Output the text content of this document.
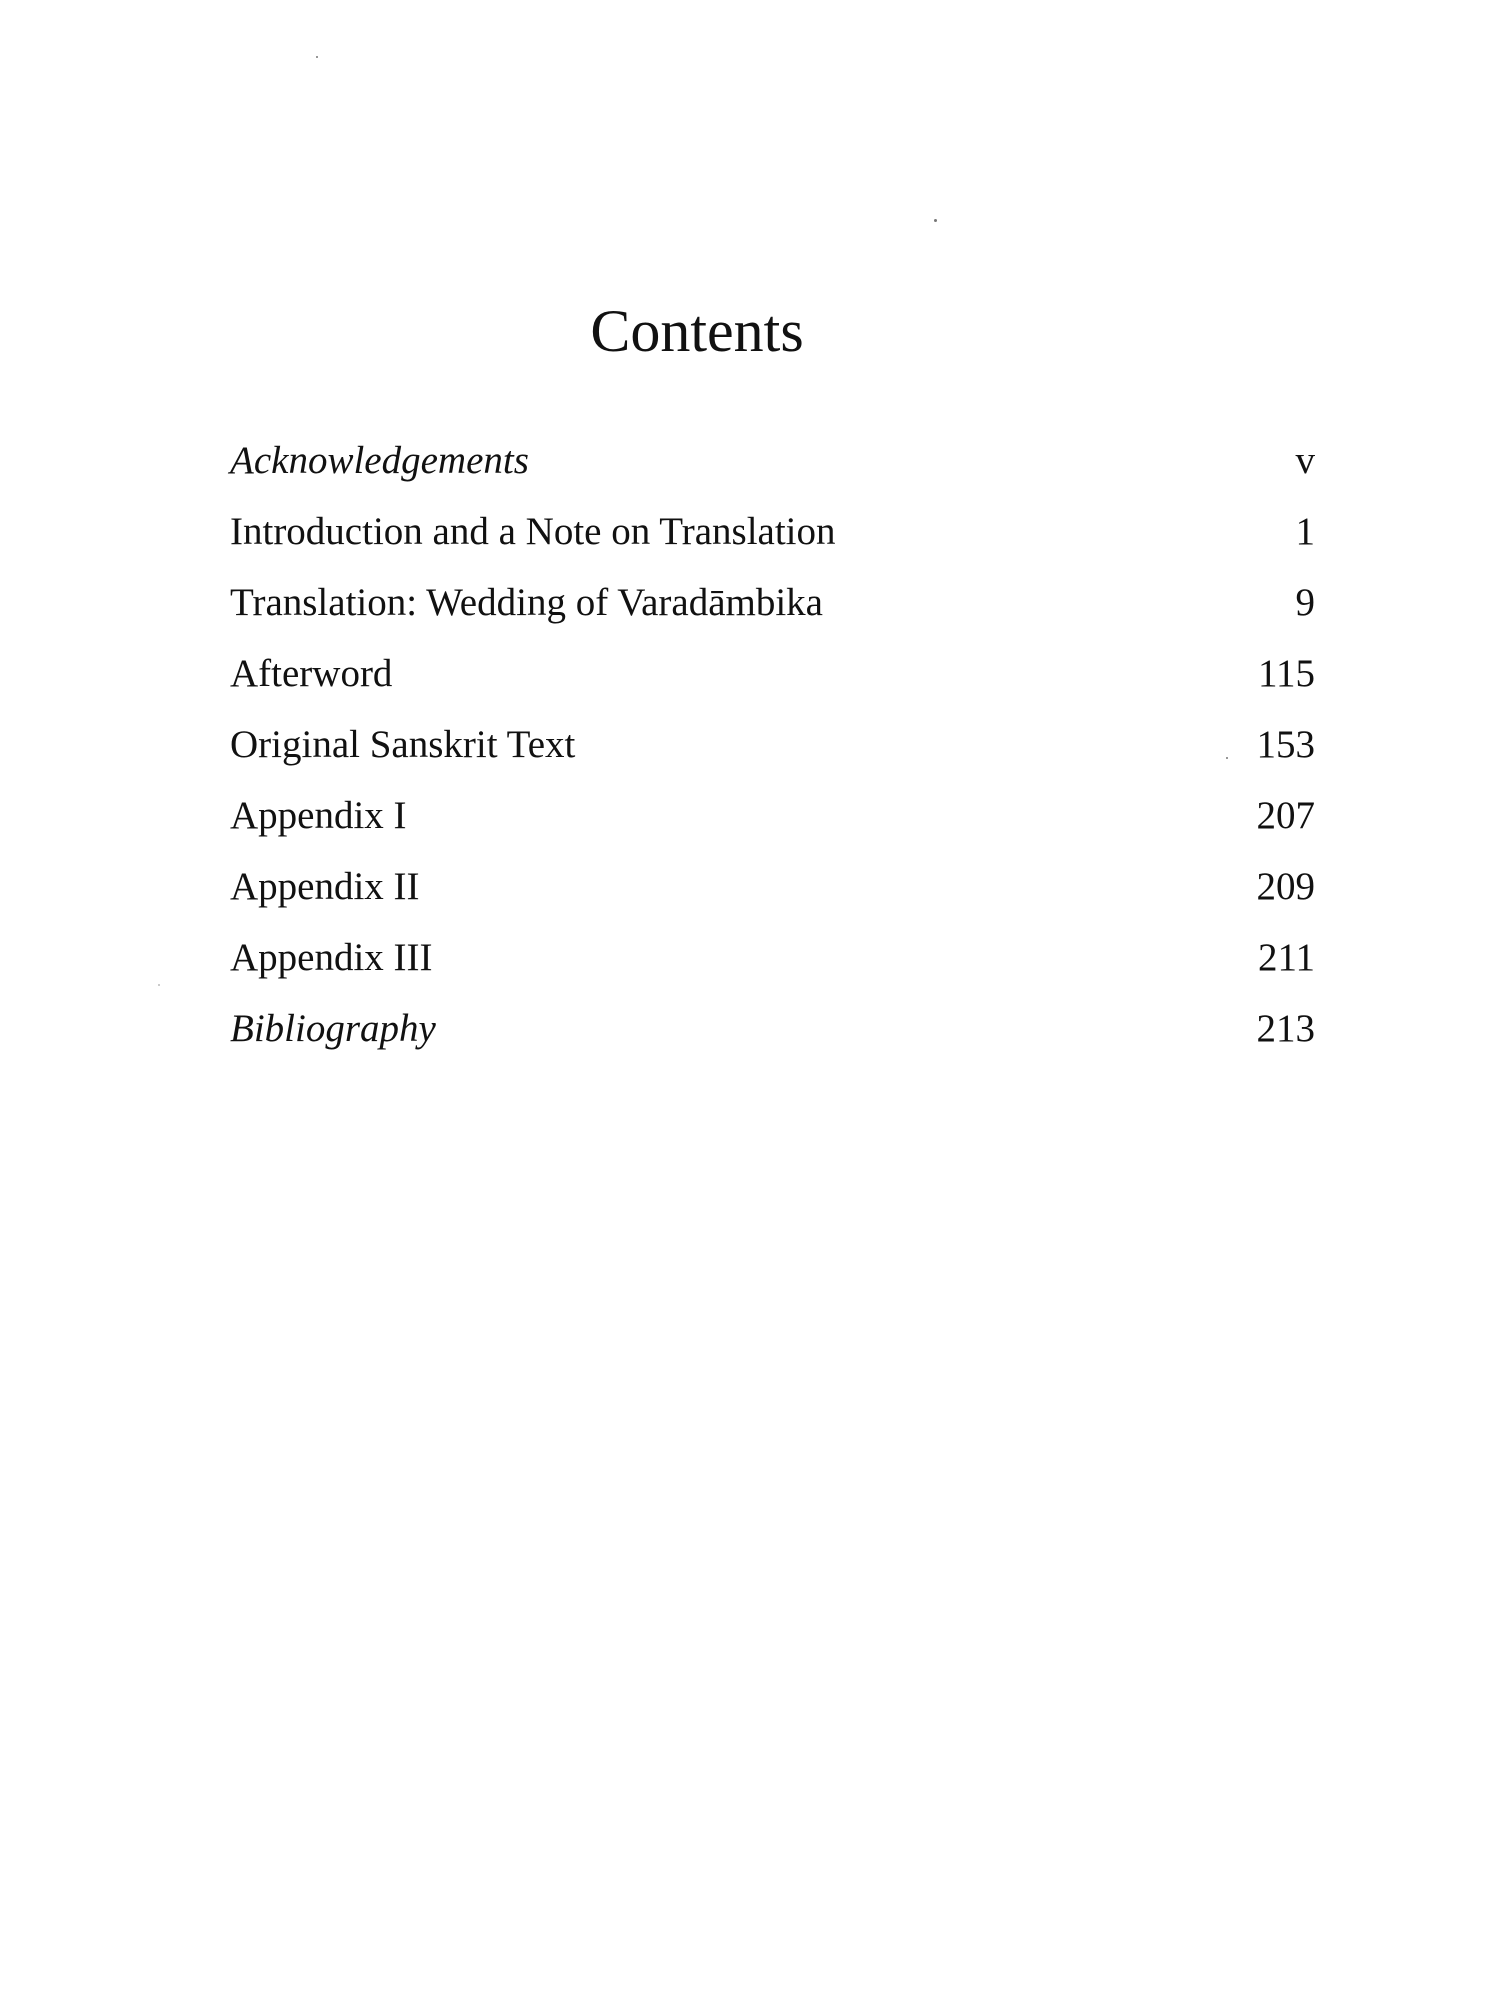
Contents
Acknowledgements	v
Introduction and a Note on Translation	1
Translation: Wedding of Varadāmbika	9
Afterword	115
Original Sanskrit Text	153
Appendix I	207
Appendix II	209
Appendix III	211
Bibliography	213
